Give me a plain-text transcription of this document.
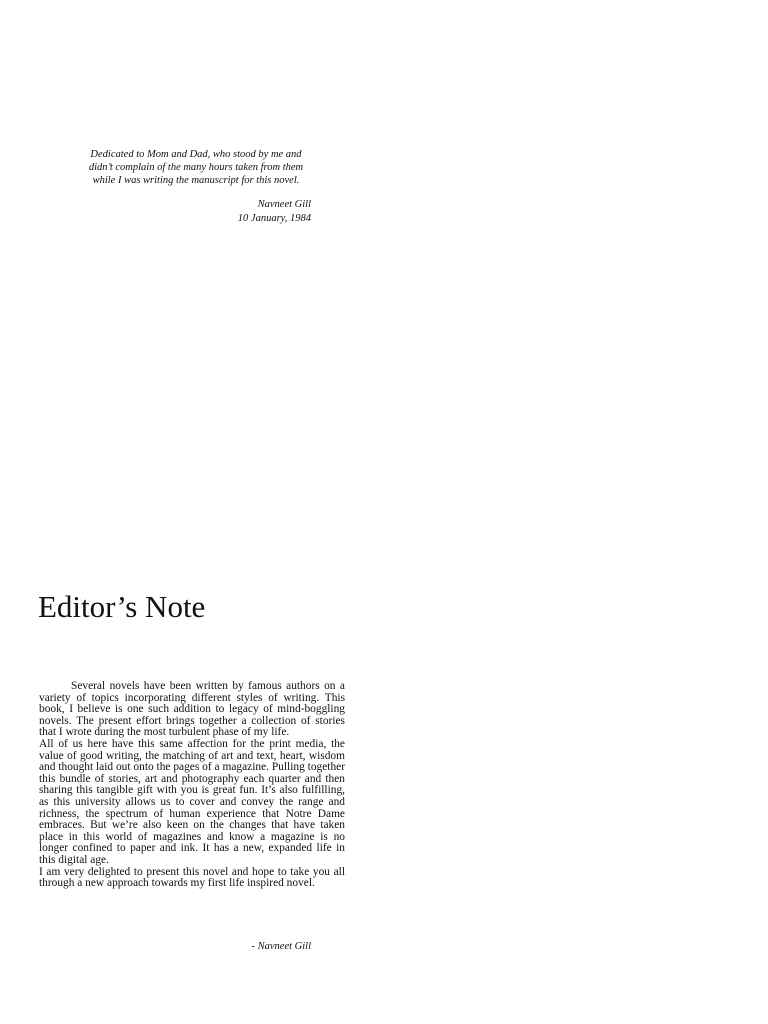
Dedicated to Mom and Dad, who stood by me and didn’t complain of the many hours taken from them while I was writing the manuscript for this novel.

Navneet Gill
10 January, 1984
Editor’s Note

Several novels have been written by famous authors on a variety of topics incorporating different styles of writing. This book, I believe is one such addition to legacy of mind-boggling novels. The present effort brings together a collection of stories that I wrote during the most turbulent phase of my life.

All of us here have this same affection for the print media, the value of good writing, the matching of art and text, heart, wisdom and thought laid out onto the pages of a magazine. Pulling together this bundle of stories, art and photography each quarter and then sharing this tangible gift with you is great fun. It’s also fulfilling, as this university allows us to cover and convey the range and richness, the spectrum of human experience that Notre Dame embraces. But we’re also keen on the changes that have taken place in this world of magazines and know a magazine is no longer confined to paper and ink. It has a new, expanded life in this digital age.

I am very delighted to present this novel and hope to take you all through a new approach towards my first life inspired novel.

- Navneet Gill
